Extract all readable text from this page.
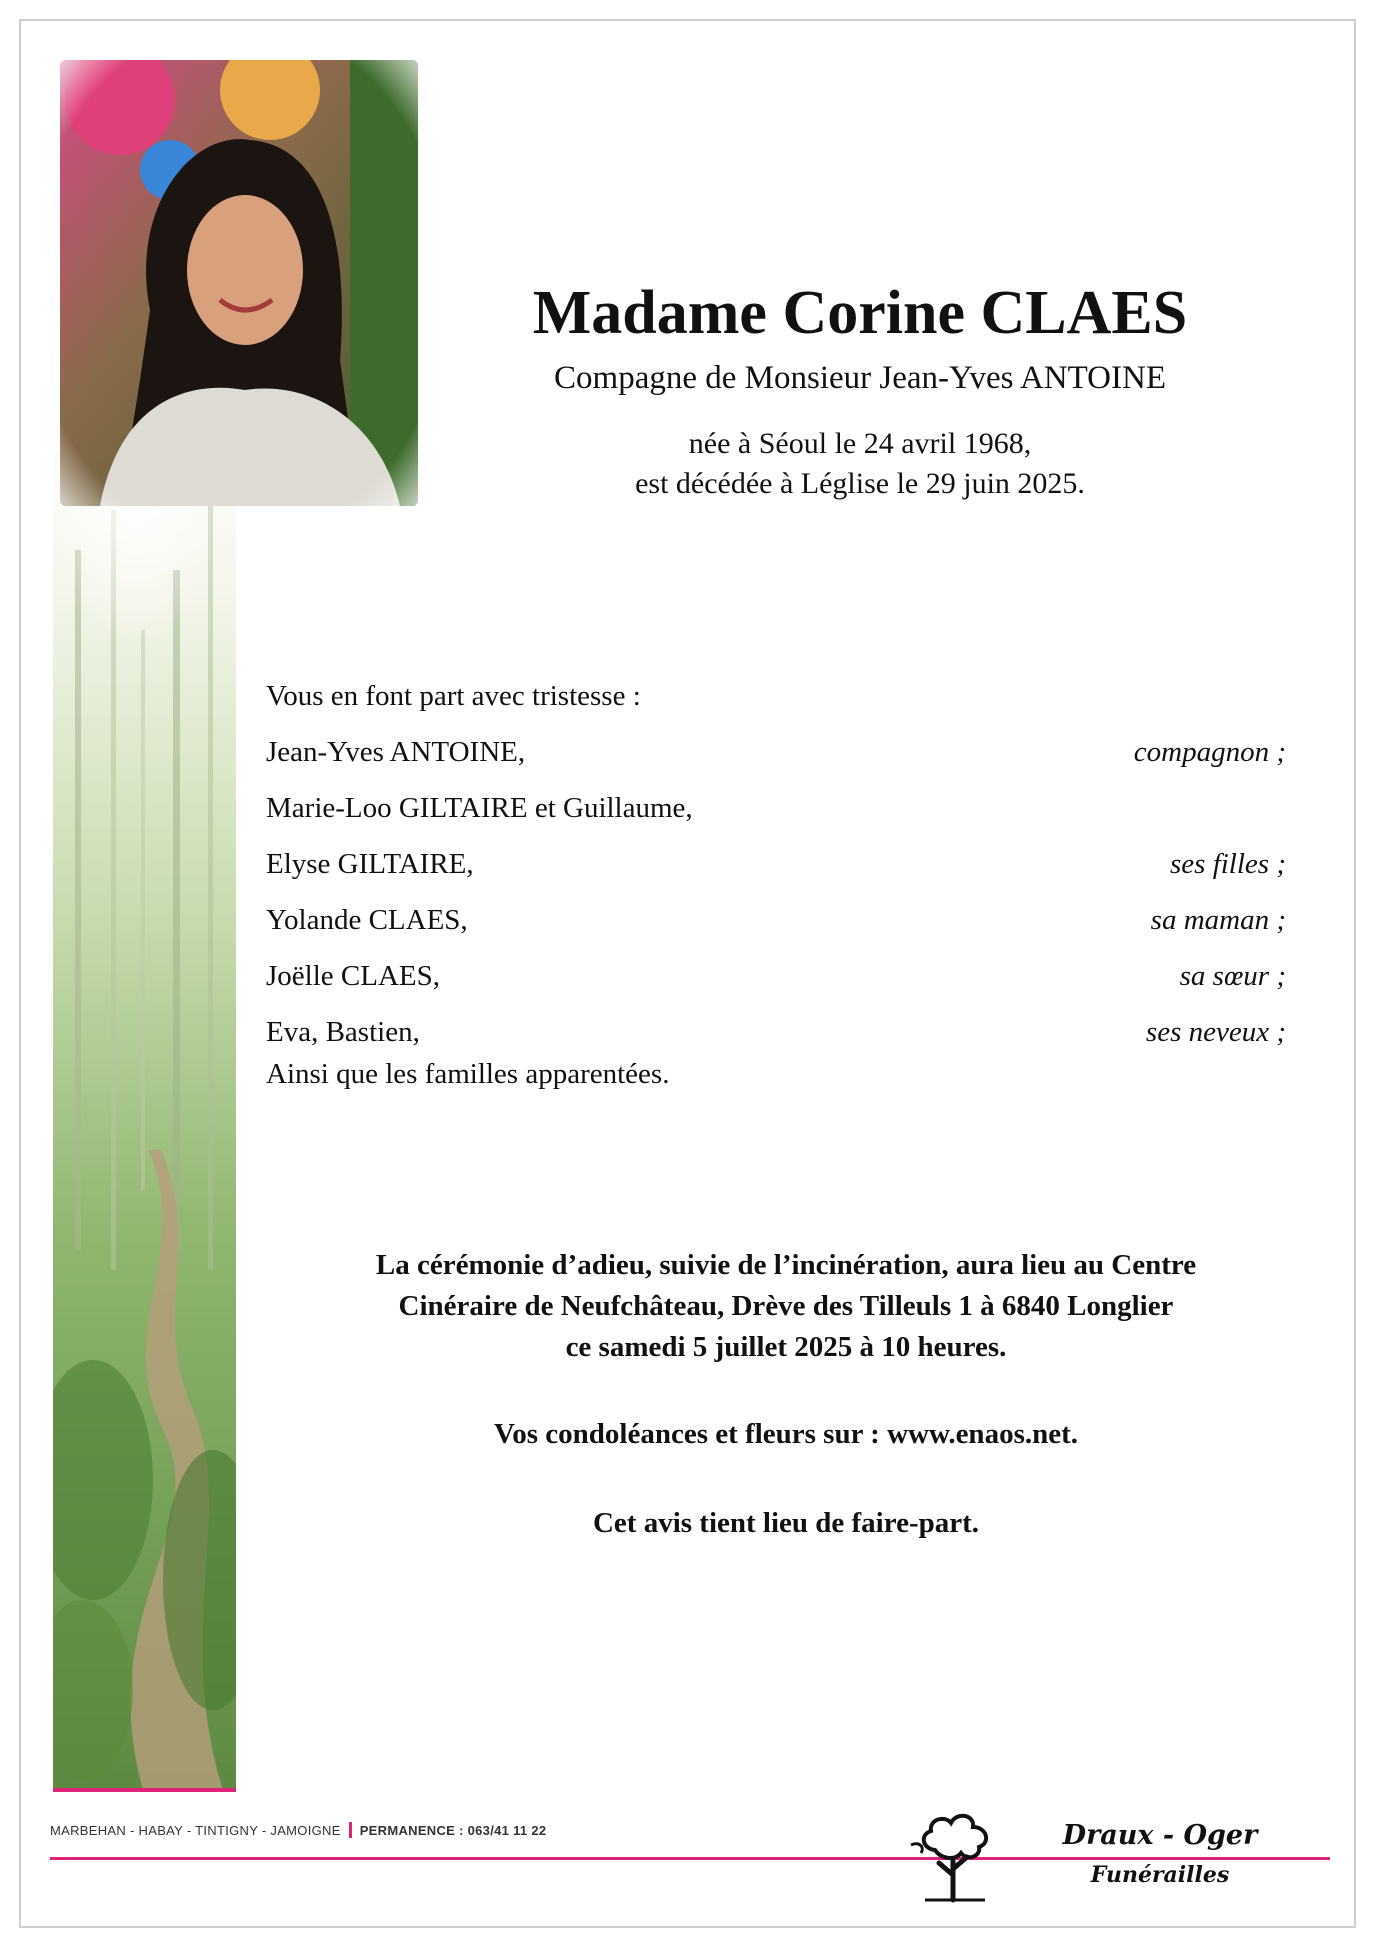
Madame Corine CLAES
Compagne de Monsieur Jean-Yves ANTOINE
née à Séoul le 24 avril 1968,
est décédée à Léglise le 29 juin 2025.
Vous en font part avec tristesse :
Jean-Yves ANTOINE,	compagnon ;
Marie-Loo GILTAIRE et Guillaume,
Elyse GILTAIRE,	ses filles ;
Yolande CLAES,	sa maman ;
Joëlle CLAES,	sa sœur ;
Eva, Bastien,	ses neveux ;
Ainsi que les familles apparentées.
La cérémonie d’adieu, suivie de l’incinération, aura lieu au Centre
Cinéraire de Neufchâteau, Drève des Tilleuls 1 à 6840 Longlier
ce samedi 5 juillet 2025 à 10 heures.
Vos condoléances et fleurs sur : www.enaos.net.
Cet avis tient lieu de faire-part.
MARBEHAN - HABAY - TINTIGNY - JAMOIGNE PERMANENCE : 063/41 11 22	Draux - Oger
Funérailles
